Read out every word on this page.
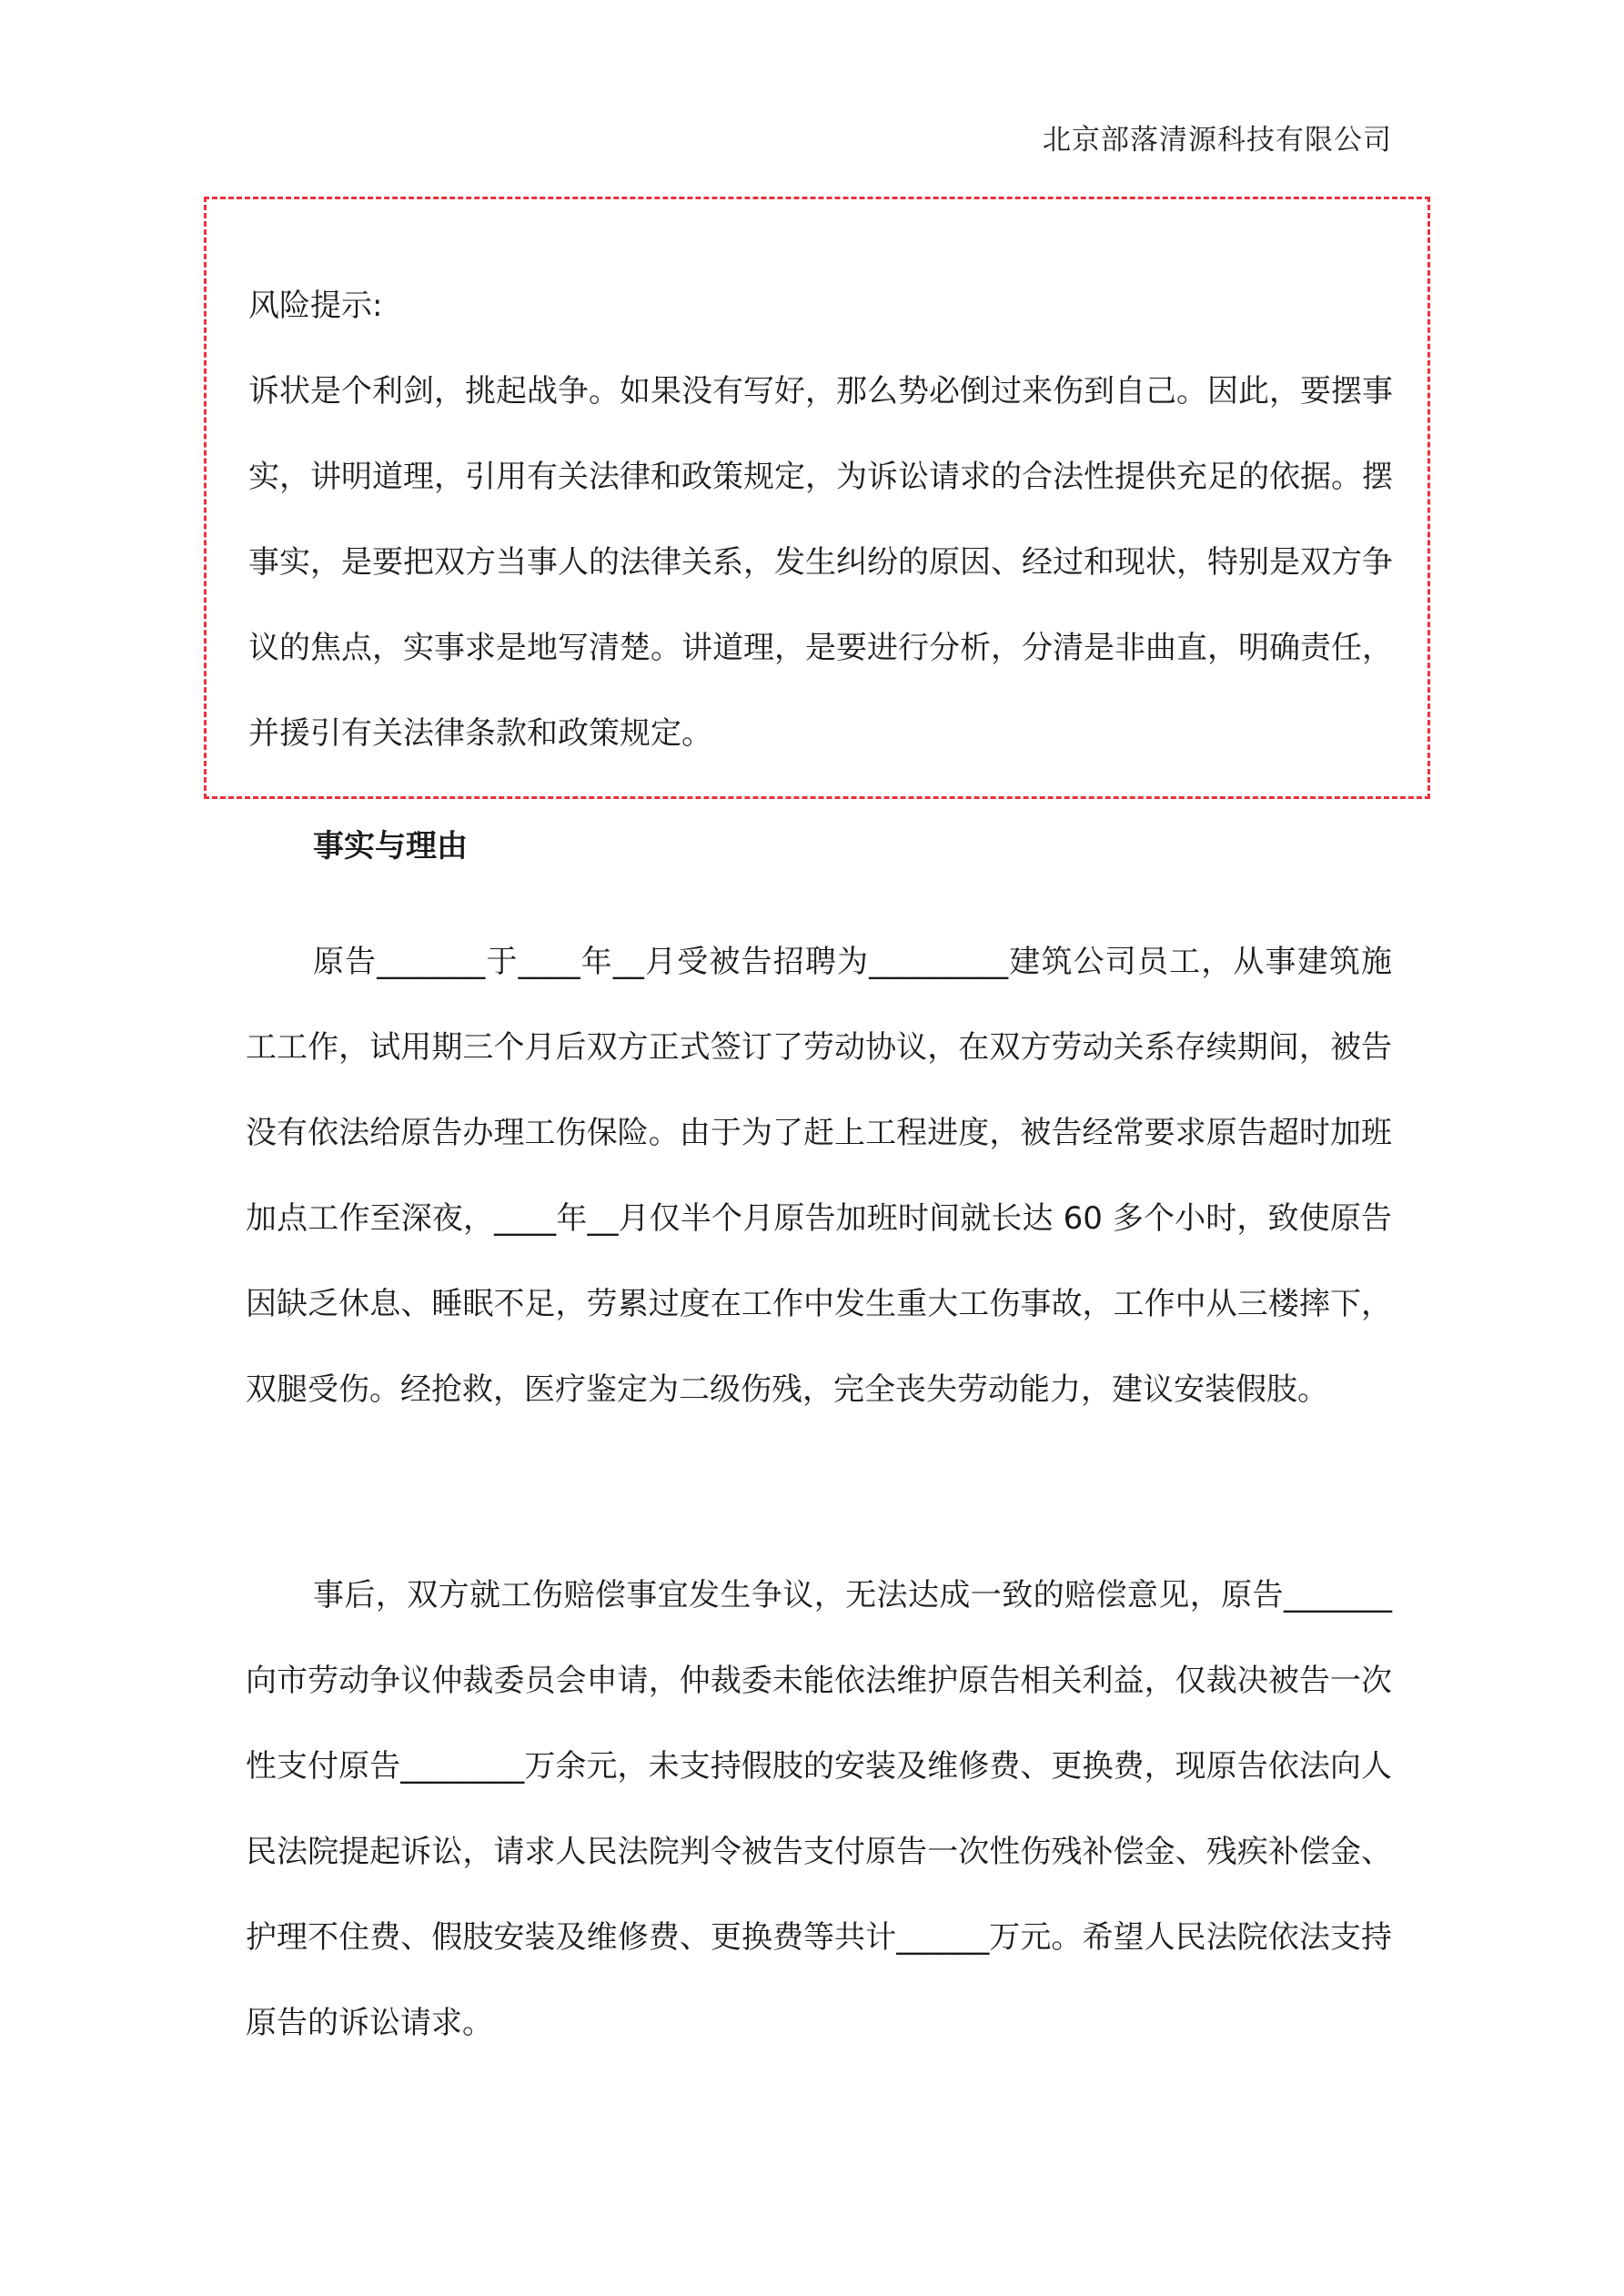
北京部落清源科技有限公司
风险提示:
诉状是个利剑，挑起战争。如果没有写好，那么势必倒过来伤到自己。因此，要摆事实，讲明道理，引用有关法律和政策规定，为诉讼请求的合法性提供充足的依据。摆事实，是要把双方当事人的法律关系，发生纠纷的原因、经过和现状，特别是双方争议的焦点，实事求是地写清楚。讲道理，是要进行分析，分清是非曲直，明确责任，并援引有关法律条款和政策规定。
事实与理由

原告_______于____年__月受被告招聘为_________建筑公司员工，从事建筑施工工作，试用期三个月后双方正式签订了劳动协议，在双方劳动关系存续期间，被告没有依法给原告办理工伤保险。由于为了赶上工程进度，被告经常要求原告超时加班加点工作至深夜，____年__月仅半个月原告加班时间就长达 60 多个小时，致使原告因缺乏休息、睡眠不足，劳累过度在工作中发生重大工伤事故，工作中从三楼摔下，双腿受伤。经抢救，医疗鉴定为二级伤残，完全丧失劳动能力，建议安装假肢。

事后，双方就工伤赔偿事宜发生争议，无法达成一致的赔偿意见，原告_______向市劳动争议仲裁委员会申请，仲裁委未能依法维护原告相关利益，仅裁决被告一次性支付原告________万余元，未支持假肢的安装及维修费、更换费，现原告依法向人民法院提起诉讼，请求人民法院判令被告支付原告一次性伤残补偿金、残疾补偿金、护理不住费、假肢安装及维修费、更换费等共计______万元。希望人民法院依法支持原告的诉讼请求。
